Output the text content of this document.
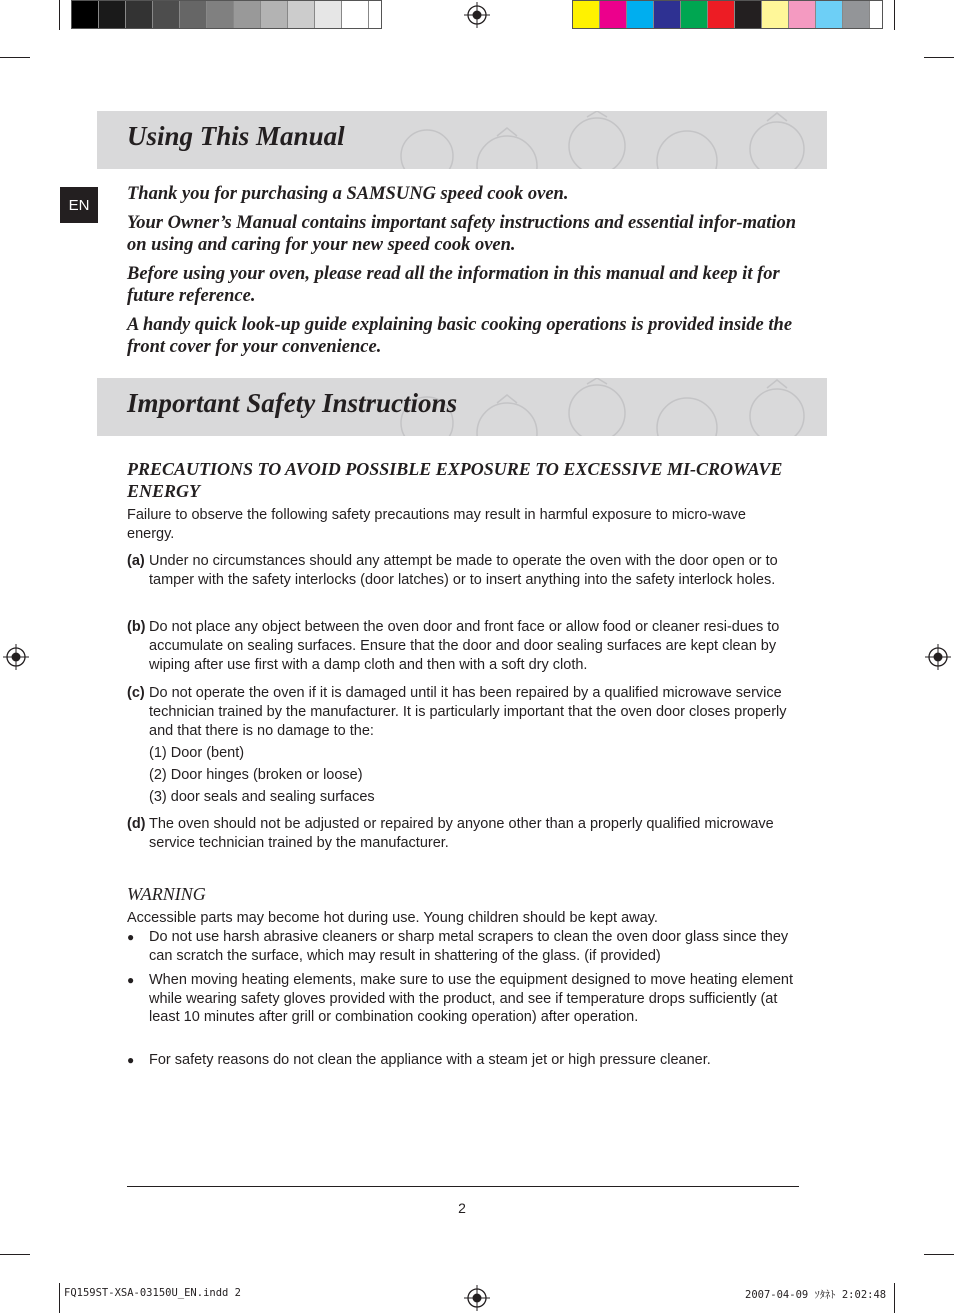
Using This Manual
EN

Thank you for purchasing a SAMSUNG speed cook oven.

Your Owner’s Manual contains important safety instructions and essential infor-mation on using and caring for your new speed cook oven.

Before using your oven, please read all the information in this manual and keep it for future reference.

A handy quick look-up guide explaining basic cooking operations is provided inside the front cover for your convenience.

Important Safety Instructions
PRECAUTIONS TO AVOID POSSIBLE EXPOSURE TO EXCESSIVE MI-CROWAVE ENERGY
Failure to observe the following safety precautions may result in harmful exposure to micro-wave energy.
(a) Under no circumstances should any attempt be made to operate the oven with the door open or to tamper with the safety interlocks (door latches) or to insert anything into the safety interlock holes.
(b) Do not place any object between the oven door and front face or allow food or cleaner resi-dues to accumulate on sealing surfaces. Ensure that the door and door sealing surfaces are kept clean by wiping after use first with a damp cloth and then with a soft dry cloth.
(c) Do not operate the oven if it is damaged until it has been repaired by a qualified microwave service technician trained by the manufacturer. It is particularly important that the oven door closes properly and that there is no damage to the:
(1) Door (bent)
(2) Door hinges (broken or loose)
(3) door seals and sealing surfaces
(d) The oven should not be adjusted or repaired by anyone other than a properly qualified microwave service technician trained by the manufacturer.
WARNING
Accessible parts may become hot during use. Young children should be kept away.
●	Do not use harsh abrasive cleaners or sharp metal scrapers to clean the oven door glass since they can scratch the surface, which may result in shattering of the glass. (if provided)
●	When moving heating elements, make sure to use the equipment designed to move heating element while wearing safety gloves provided with the product, and see if temperature drops sufficiently (at least 10 minutes after grill or combination cooking operation) after operation.
●	For safety reasons do not clean the appliance with a steam jet or high pressure cleaner.
2
FQ159ST-XSA-03150U_EN.indd 2	2007-04-09 ｿﾀﾈﾄ 2:02:48
